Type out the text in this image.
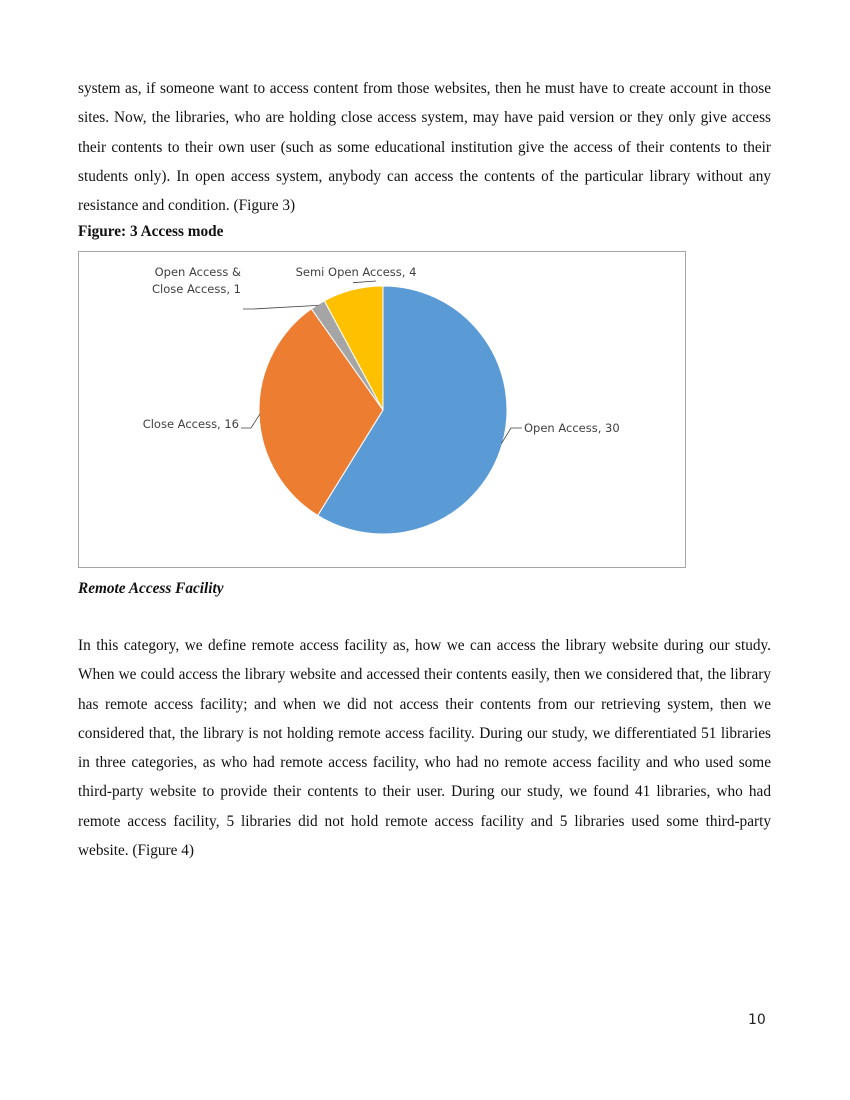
system as, if someone want to access content from those websites, then he must have to create account in those sites. Now, the libraries, who are holding close access system, may have paid version or they only give access their contents to their own user (such as some educational institution give the access of their contents to their students only). In open access system, anybody can access the contents of the particular library without any resistance and condition. (Figure 3)

Figure: 3 Access mode

Open Access, 30
Close Access, 16
Open Access & Close Access, 1
Semi Open Access, 4

Remote Access Facility

In this category, we define remote access facility as, how we can access the library website during our study. When we could access the library website and accessed their contents easily, then we considered that, the library has remote access facility; and when we did not access their contents from our retrieving system, then we considered that, the library is not holding remote access facility. During our study, we differentiated 51 libraries in three categories, as who had remote access facility, who had no remote access facility and who used some third-party website to provide their contents to their user. During our study, we found 41 libraries, who had remote access facility, 5 libraries did not hold remote access facility and 5 libraries used some third-party website. (Figure 4)

10
